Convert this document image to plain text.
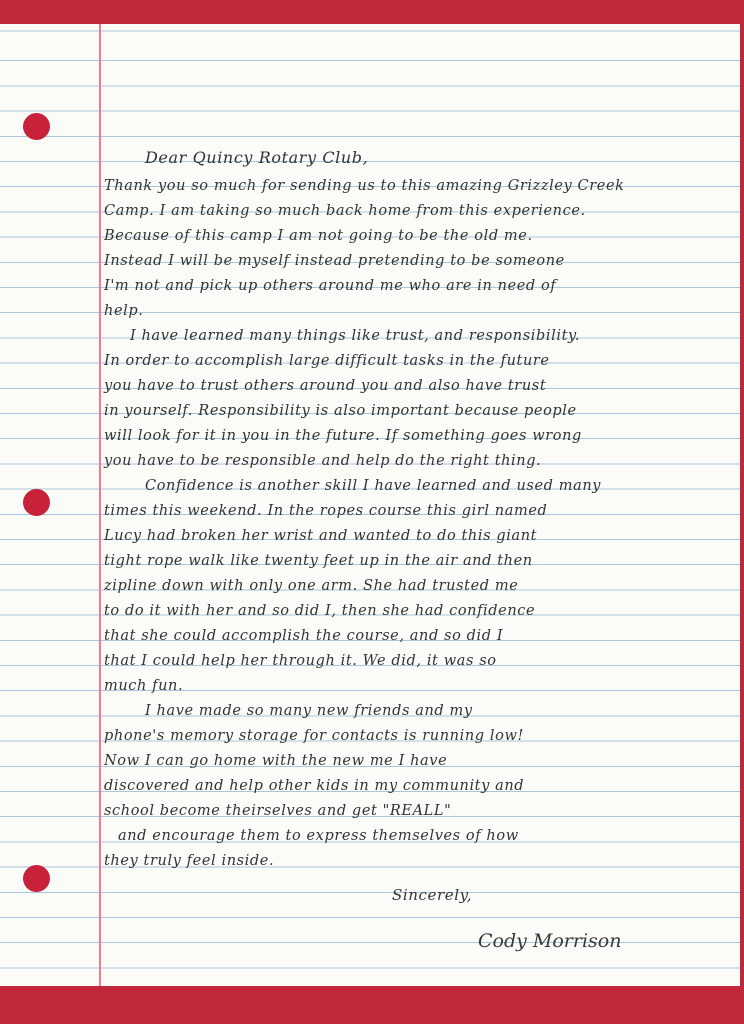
Dear Quincy Rotary Club,
Thank you so much for sending us to this amazing Grizzley Creek
Camp. I am taking so much back home from this experience.
Because of this camp I am not going to be the old me.
Instead I will be myself instead pretending to be someone
I'm not and pick up others around me who are in need of
help.
I have learned many things like trust, and responsibility.
In order to accomplish large difficult tasks in the future
you have to trust others around you and also have trust
in yourself. Responsibility is also important because people
will look for it in you in the future. If something goes wrong
you have to be responsible and help do the right thing.
Confidence is another skill I have learned and used many
times this weekend. In the ropes course this girl named
Lucy had broken her wrist and wanted to do this giant
tight rope walk like twenty feet up in the air and then
zipline down with only one arm. She had trusted me
to do it with her and so did I, then she had confidence
that she could accomplish the course, and so did I
that I could help her through it. We did, it was so
much fun.
I have made so many new friends and my
phone's memory storage for contacts is running low!
Now I can go home with the new me I have
discovered and help other kids in my community and
school become theirselves and get "REALL"
and encourage them to express themselves of how
they truly feel inside.
Sincerely,
Cody Morrison
